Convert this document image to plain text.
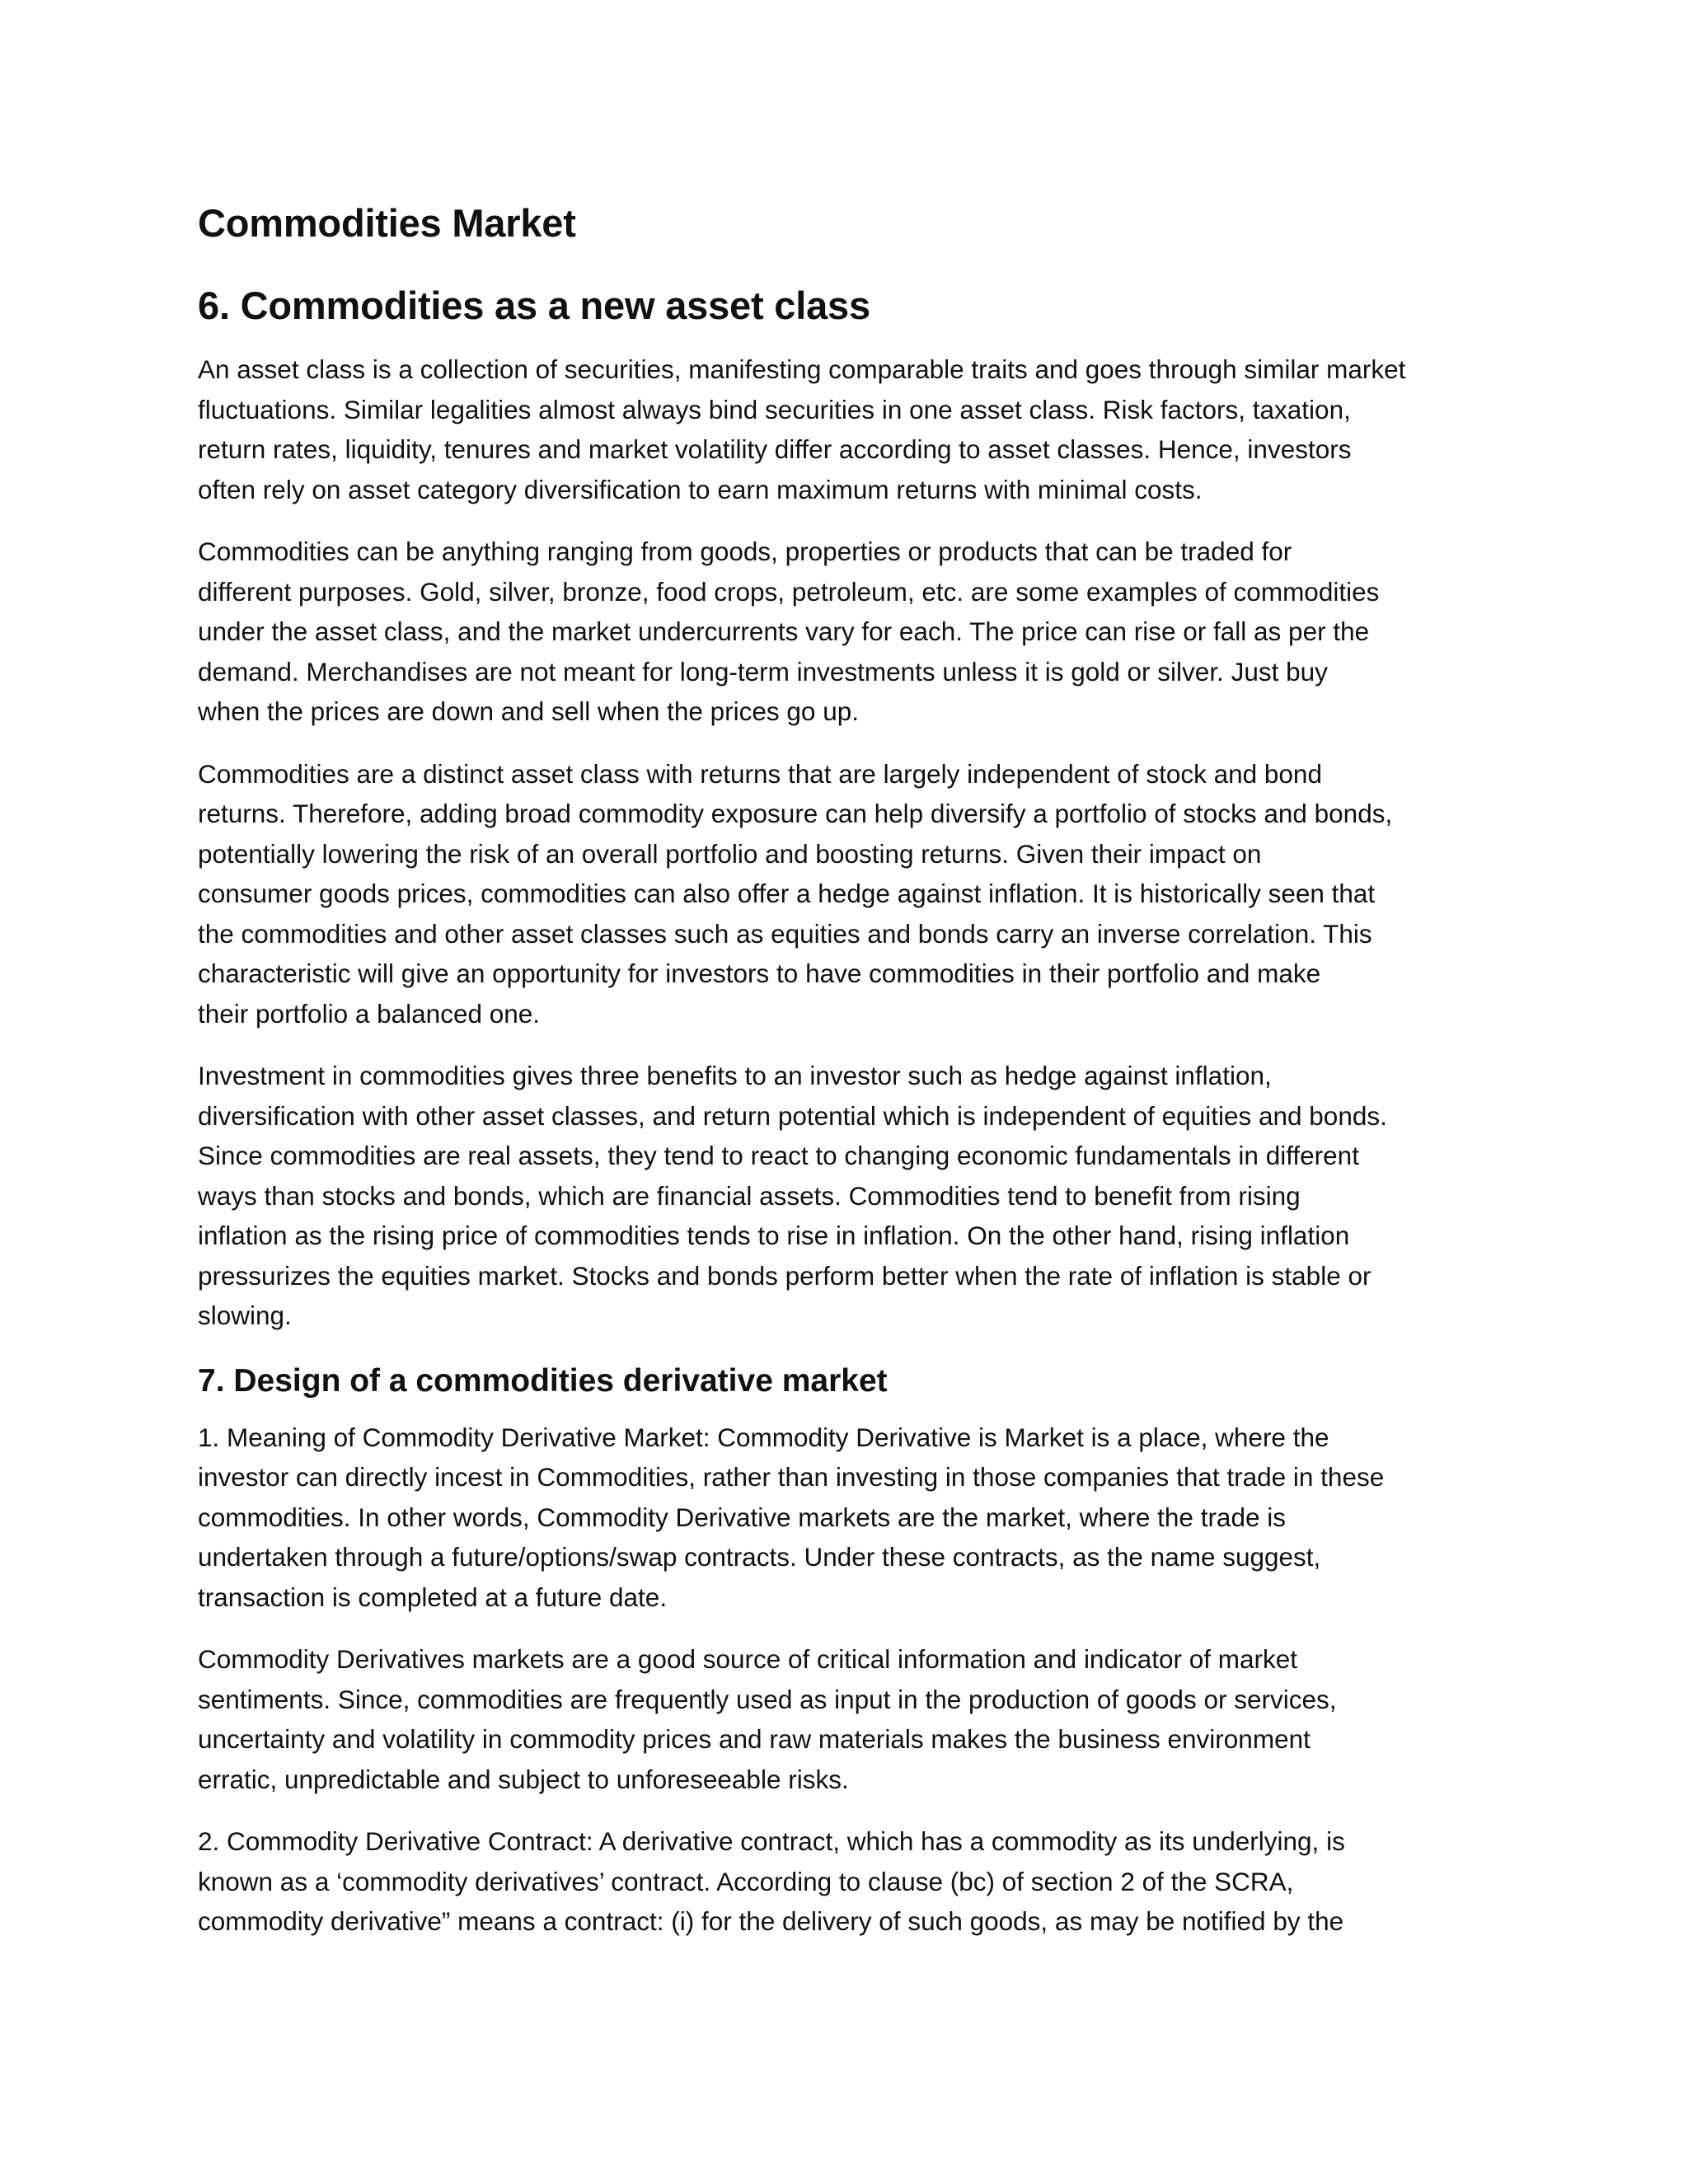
Commodities Market
6. Commodities as a new asset class

An asset class is a collection of securities, manifesting comparable traits and goes through similar market
fluctuations. Similar legalities almost always bind securities in one asset class. Risk factors, taxation,
return rates, liquidity, tenures and market volatility differ according to asset classes. Hence, investors
often rely on asset category diversification to earn maximum returns with minimal costs.

Commodities can be anything ranging from goods, properties or products that can be traded for
different purposes. Gold, silver, bronze, food crops, petroleum, etc. are some examples of commodities
under the asset class, and the market undercurrents vary for each. The price can rise or fall as per the
demand. Merchandises are not meant for long-term investments unless it is gold or silver. Just buy
when the prices are down and sell when the prices go up.

Commodities are a distinct asset class with returns that are largely independent of stock and bond
returns. Therefore, adding broad commodity exposure can help diversify a portfolio of stocks and bonds,
potentially lowering the risk of an overall portfolio and boosting returns. Given their impact on
consumer goods prices, commodities can also offer a hedge against inflation. It is historically seen that
the commodities and other asset classes such as equities and bonds carry an inverse correlation. This
characteristic will give an opportunity for investors to have commodities in their portfolio and make
their portfolio a balanced one.

Investment in commodities gives three benefits to an investor such as hedge against inflation,
diversification with other asset classes, and return potential which is independent of equities and bonds.
Since commodities are real assets, they tend to react to changing economic fundamentals in different
ways than stocks and bonds, which are financial assets. Commodities tend to benefit from rising
inflation as the rising price of commodities tends to rise in inflation. On the other hand, rising inflation
pressurizes the equities market. Stocks and bonds perform better when the rate of inflation is stable or
slowing.

7. Design of a commodities derivative market

1. Meaning of Commodity Derivative Market: Commodity Derivative is Market is a place, where the
investor can directly incest in Commodities, rather than investing in those companies that trade in these
commodities. In other words, Commodity Derivative markets are the market, where the trade is
undertaken through a future/options/swap contracts. Under these contracts, as the name suggest,
transaction is completed at a future date.

Commodity Derivatives markets are a good source of critical information and indicator of market
sentiments. Since, commodities are frequently used as input in the production of goods or services,
uncertainty and volatility in commodity prices and raw materials makes the business environment
erratic, unpredictable and subject to unforeseeable risks.

2. Commodity Derivative Contract: A derivative contract, which has a commodity as its underlying, is
known as a ‘commodity derivatives’ contract. According to clause (bc) of section 2 of the SCRA,
commodity derivative” means a contract: (i) for the delivery of such goods, as may be notified by the
